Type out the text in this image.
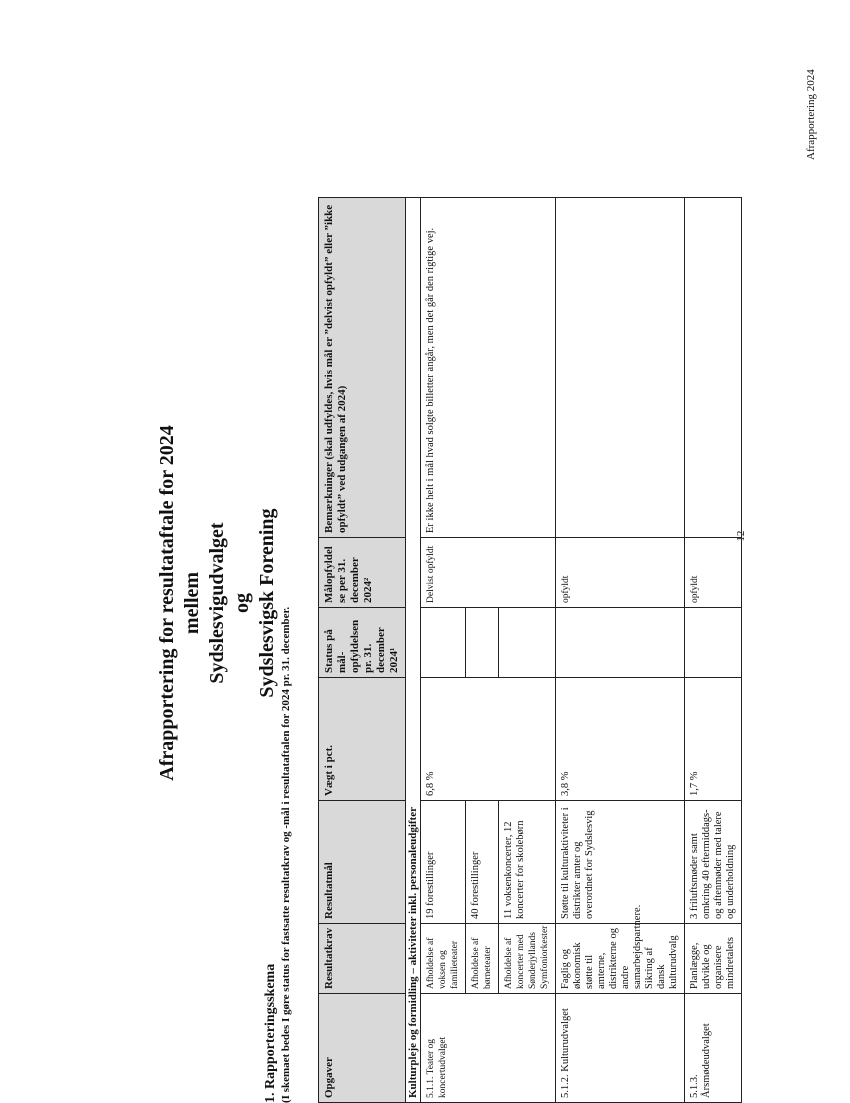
Afrapportering 2024
- 12 -
Afrapportering for resultataftale for 2024 mellem Sydslesvigudvalget og Sydslesvigsk Forening
1. Rapporteringsskema (I skemaet bedes I gøre status for fastsatte resultatkrav og -mål i resultataftalen for 2024 pr. 31. december.	Opgaver	Resultatkrav	Resultatmål	Vægt i pct.	Status på mål-opfyldelsen pr. 31. december 2024¹	Målopfyldel se per 31. december 2024²	Bemærkninger (skal udfyldes, hvis mål er ”delvist opfyldt” eller ”ikke opfyldt” ved udgangen af 2024)
Kulturpleje og formidling – aktiviteter inkl. personaleudgifter						
5.1.1. Teater og koncertudvalget	Afholdelse af voksen og familieteater	19 forestillinger	6,8 %		Delvist opfyldt	Er ikke helt i mål hvad solgte billetter angår, men det går den rigtige vej.
	Afholdelse af børneteater	40 forestillinger				
	Afholdelse af koncerter med Sønderjyllands Symfoniorkester	11 voksenkoncerter, 12 koncerter for skolebørn				
5.1.2. Kulturudvalget	Faglig og økonomisk støtte til amterne, distrikterne og andre samarbejdspartnere. Sikring af dansk kulturudvalg	Støtte til kulturaktiviteter i distrikter amter og overordnet for Sydslesvig	3,8 %		opfyldt	
5.1.3. Årsmødeudvalget	Planlægge, udvikle og organisere mindretalets	3 friluftsmøder samt omkring 40 eftermiddags- og aftenmøder med talere og underholdning	1,7 %		opfyldt	
